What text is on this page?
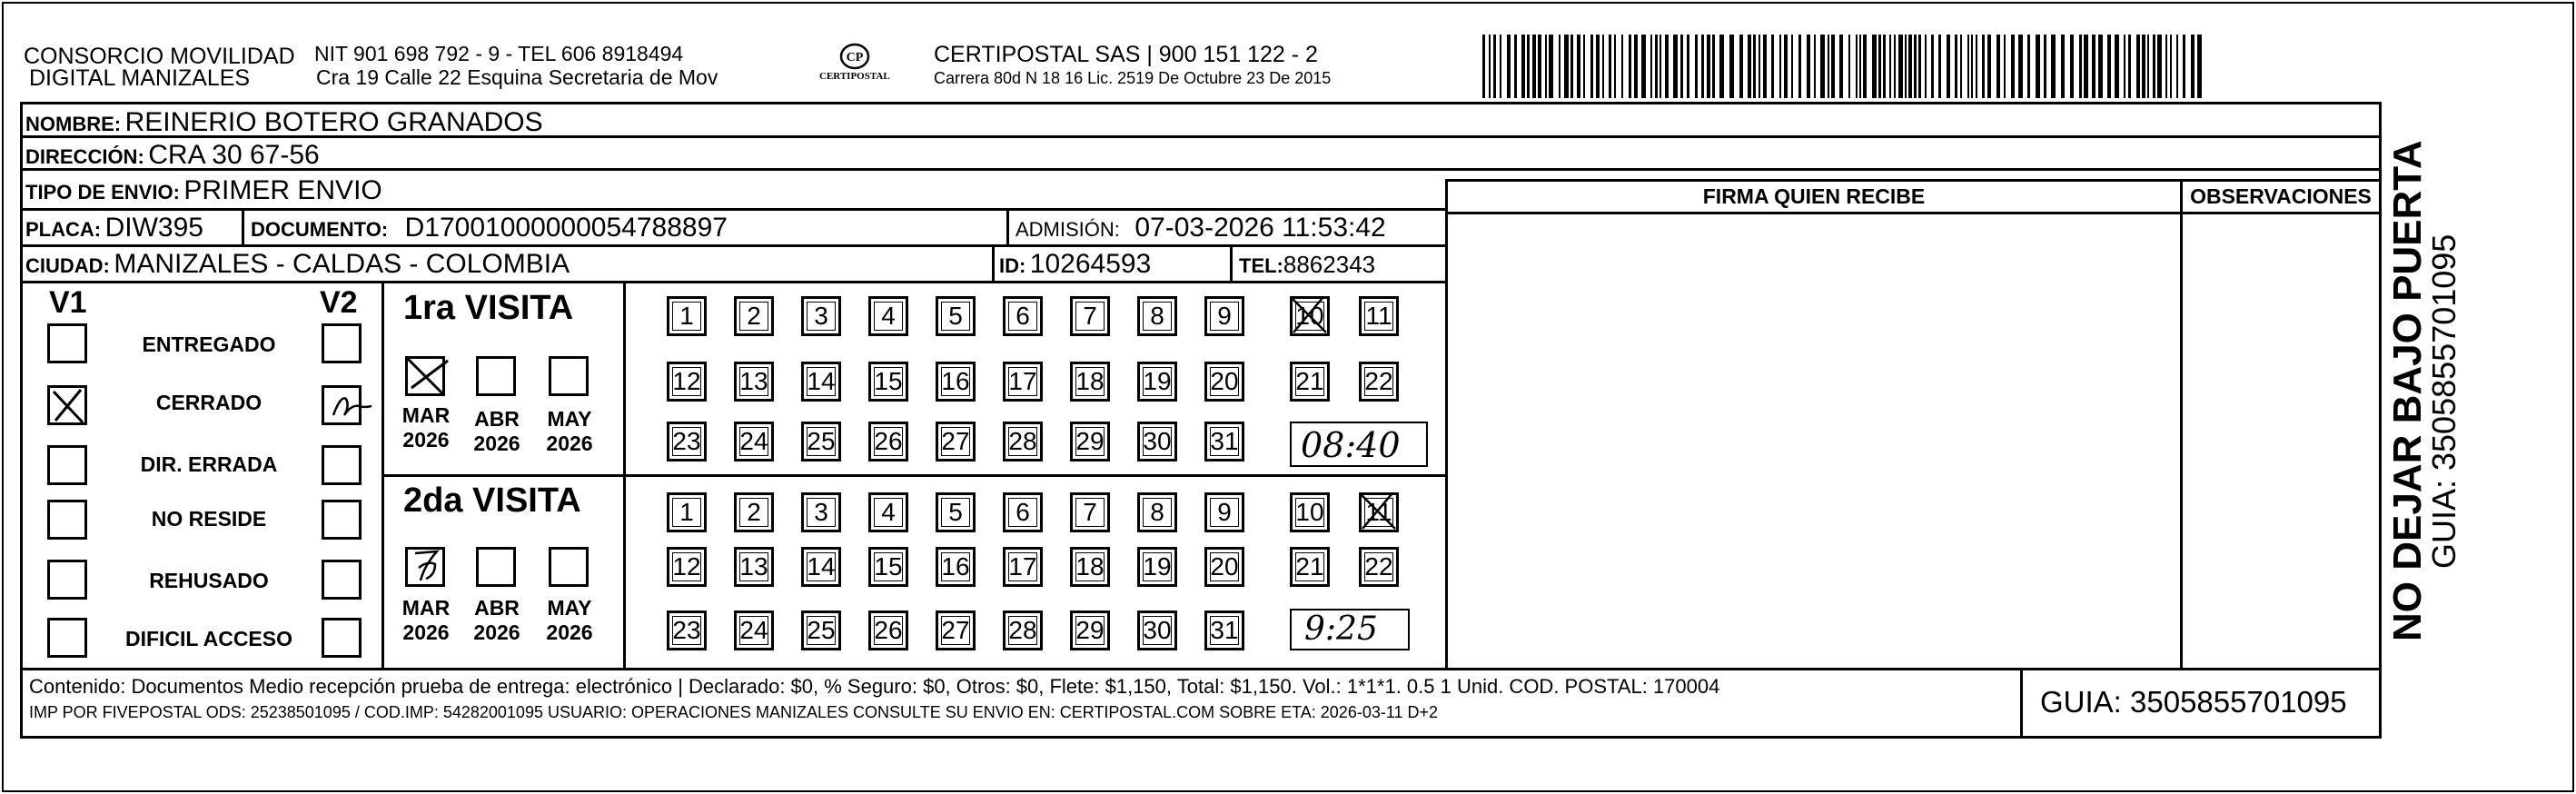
CONSORCIO MOVILIDAD
DIGITAL MANIZALES
NIT 901 698 792 - 9 - TEL 606 8918494
Cra 19 Calle 22 Esquina Secretaria de Mov
CP
CERTIPOSTAL
CERTIPOSTAL SAS | 900 151 122 - 2
Carrera 80d N 18 16 Lic. 2519 De Octubre 23 De 2015
NOMBRE: REINERIO BOTERO GRANADOS
DIRECCIÓN: CRA 30 67-56
TIPO DE ENVIO: PRIMER ENVIO
PLACA: DIW395 DOCUMENTO: D17001000000054788897	ADMISIÓN: 07-03-2026 11:53:42
CIUDAD: MANIZALES - CALDAS - COLOMBIA	ID: 10264593	TEL:8862343
FIRMA QUIEN RECIBE	OBSERVACIONES
V1	V2
ENTREGADO
CERRADO
DIR. ERRADA
NO RESIDE
REHUSADO
DIFICIL ACCESO
1ra VISITA
MAR
2026
ABR
2026
MAY
2026
1	2	3	4	5	6	7	8	9	10 11
12 13 14 15 16 17 18 19 20 21 22
23 24 25 26 27 28 29 30 31 08:40
2da VISITA
MAR
2026
ABR
2026
MAY
2026
1	2	3	4	5	6	7	8	9	10 11
12 13 14 15 16 17 18 19 20 21 22
23 24 25 26 27 28 29 30 31 9:25
Contenido: Documentos Medio recepción prueba de entrega: electrónico | Declarado: $0, % Seguro: $0, Otros: $0, Flete: $1,150, Total: $1,150. Vol.: 1*1*1. 0.5 1 Unid. COD. POSTAL: 170004
IMP POR FIVEPOSTAL ODS: 25238501095 / COD.IMP: 54282001095 USUARIO: OPERACIONES MANIZALES CONSULTE SU ENVIO EN: CERTIPOSTAL.COM SOBRE ETA: 2026-03-11 D+2	GUIA: 3505855701095
NO DEJAR BAJO PUERTA
GUIA: 3505855701095
